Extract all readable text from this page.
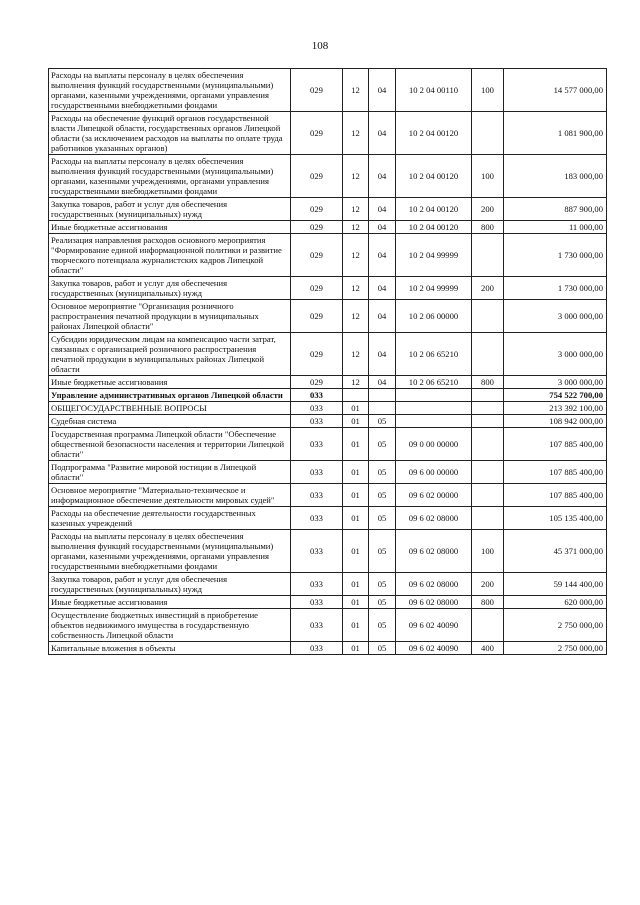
108
Расходы на выплаты персоналу в целях обеспечения выполнения функций государственными (муниципальными) органами, казенными учреждениями, органами управления государственными внебюджетными фондами	029	12	04	10 2 04 00110	100	14 577 000,00
Расходы на обеспечение функций органов государственной власти Липецкой области, государственных органов Липецкой области (за исключением расходов на выплаты по оплате труда работников указанных органов)	029	12	04	10 2 04 00120		1 081 900,00
Расходы на выплаты персоналу в целях обеспечения выполнения функций государственными (муниципальными) органами, казенными учреждениями, органами управления государственными внебюджетными фондами	029	12	04	10 2 04 00120	100	183 000,00
Закупка товаров, работ и услуг для обеспечения государственных (муниципальных) нужд	029	12	04	10 2 04 00120	200	887 900,00
Иные бюджетные ассигнования	029	12	04	10 2 04 00120	800	11 000,00
Реализация направления расходов основного мероприятия "Формирование единой информационной политики и развитие творческого потенциала журналистских кадров Липецкой области"	029	12	04	10 2 04 99999		1 730 000,00
Закупка товаров, работ и услуг для обеспечения государственных (муниципальных) нужд	029	12	04	10 2 04 99999	200	1 730 000,00
Основное мероприятие "Организация розничного распространения печатной продукции в муниципальных районах Липецкой области"	029	12	04	10 2 06 00000		3 000 000,00
Субсидии юридическим лицам на компенсацию части затрат, связанных с организацией розничного распространения печатной продукции в муниципальных районах Липецкой области	029	12	04	10 2 06 65210		3 000 000,00
Иные бюджетные ассигнования	029	12	04	10 2 06 65210	800	3 000 000,00
Управление административных органов Липецкой области	033					754 522 700,00
ОБЩЕГОСУДАРСТВЕННЫЕ ВОПРОСЫ	033	01				213 392 100,00
Судебная система	033	01	05			108 942 000,00
Государственная программа Липецкой области "Обеспечение общественной безопасности населения и территории Липецкой области"	033	01	05	09 0 00 00000		107 885 400,00
Подпрограмма "Развитие мировой юстиции в Липецкой области"	033	01	05	09 6 00 00000		107 885 400,00
Основное мероприятие "Материально-техническое и информационное обеспечение деятельности мировых судей"	033	01	05	09 6 02 00000		107 885 400,00
Расходы на обеспечение деятельности государственных казенных учреждений	033	01	05	09 6 02 08000		105 135 400,00
Расходы на выплаты персоналу в целях обеспечения выполнения функций государственными (муниципальными) органами, казенными учреждениями, органами управления государственными внебюджетными фондами	033	01	05	09 6 02 08000	100	45 371 000,00
Закупка товаров, работ и услуг для обеспечения государственных (муниципальных) нужд	033	01	05	09 6 02 08000	200	59 144 400,00
Иные бюджетные ассигнования	033	01	05	09 6 02 08000	800	620 000,00
Осуществление бюджетных инвестиций в приобретение объектов недвижимого имущества в государственную собственность Липецкой области	033	01	05	09 6 02 40090		2 750 000,00
Капитальные вложения в объекты	033	01	05	09 6 02 40090	400	2 750 000,00
